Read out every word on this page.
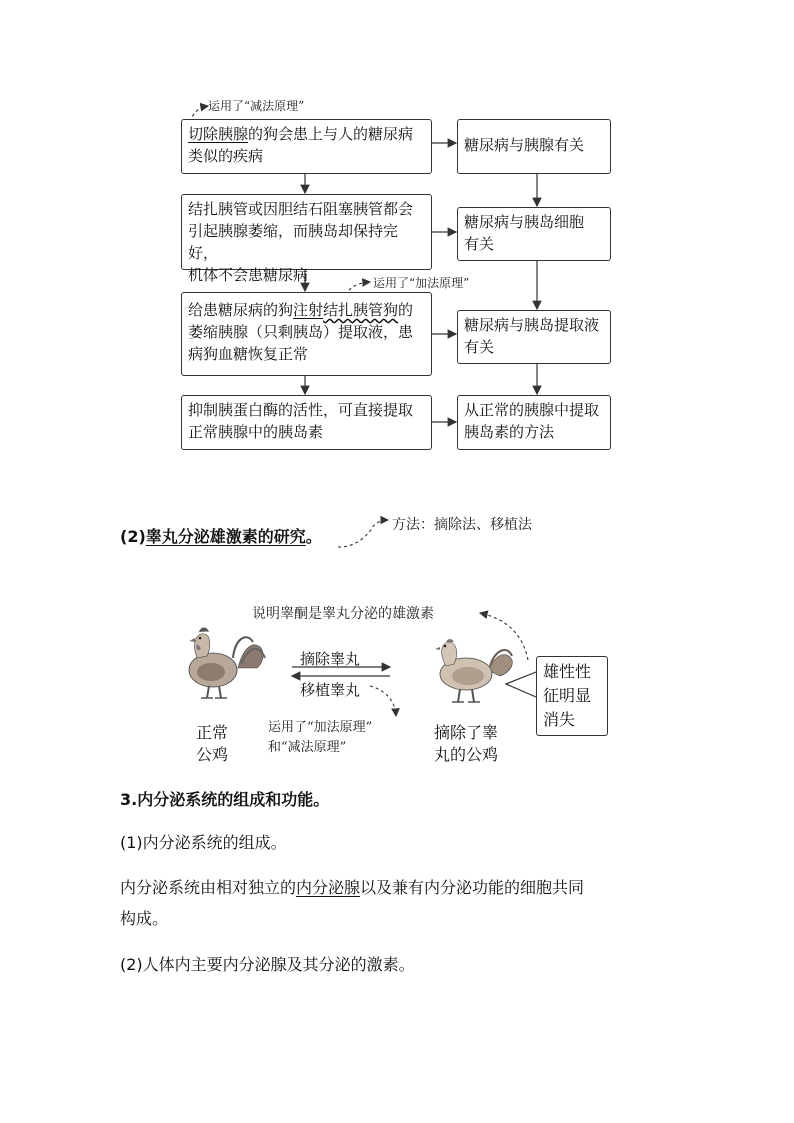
运用了“减法原理”
运用了“加法原理”
切除胰腺的狗会患上与人的糖尿病
类似的疾病
结扎胰管或因胆结石阻塞胰管都会
引起胰腺萎缩，而胰岛却保持完好，
机体不会患糖尿病
给患糖尿病的狗注射结扎胰管狗的
萎缩胰腺（只剩胰岛）提取液，患
病狗血糖恢复正常
抑制胰蛋白酶的活性，可直接提取
正常胰腺中的胰岛素
糖尿病与胰腺有关
糖尿病与胰岛细胞
有关
糖尿病与胰岛提取液
有关
从正常的胰腺中提取
胰岛素的方法
(2)睾丸分泌雄激素的研究。
方法：摘除法、移植法
说明睾酮是睾丸分泌的雄激素
摘除睾丸
移植睾丸
正常
公鸡
摘除了睾
丸的公鸡
运用了“加法原理”
和“减法原理”
雄性性
征明显
消失
3.内分泌系统的组成和功能。
(1)内分泌系统的组成。
内分泌系统由相对独立的内分泌腺以及兼有内分泌功能的细胞共同
构成。
(2)人体内主要内分泌腺及其分泌的激素。
